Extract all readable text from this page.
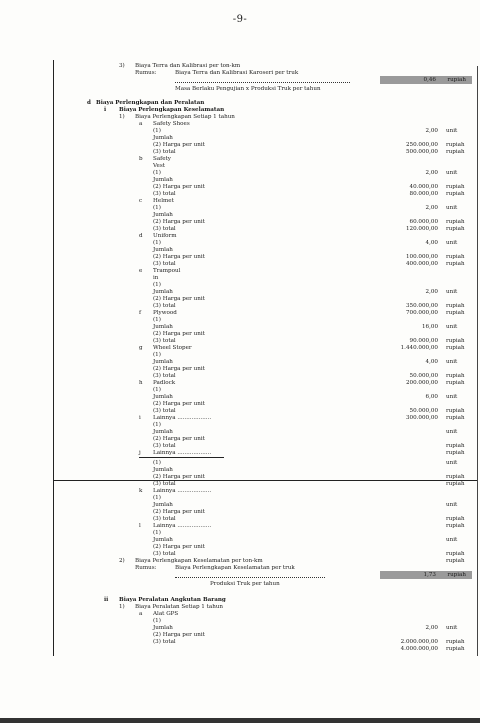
-9-
3) Biaya Terra dan Kalibrasi per ton-km
Rumus:	Biaya Terra dan Kalibrasi Karoseri per truk
Masa Berlaku Pengujian x Produksi Truk per tahun
d Biaya Perlengkapan dan Peralatan
i Biaya Perlengkapan Keselamatan
1) Biaya Perlengkapan Setiap 1 tahun
a Safety Shoes
(1)
Jumlah
(2) Harga per unit
(3) total
b Safety
Vest
(1)
Jumlah
(2) Harga per unit
(3) total
c Helmet
(1)
Jumlah
(2) Harga per unit
(3) total
d Uniform
(1)
Jumlah
(2) Harga per unit
(3) total
e Trampoul
in
(1)
Jumlah
(2) Harga per unit
(3) total
f Plywood
(1)
Jumlah
(2) Harga per unit
(3) total
g Wheel Stoper
(1)
Jumlah
(2) Harga per unit
(3) total
h Padlock
(1)
Jumlah
(2) Harga per unit
(3) total
i Lainnya ...................
(1)
Jumlah
(2) Harga per unit
(3) total
j Lainnya ...................
(1)
Jumlah
(2) Harga per unit
(3) total
k Lainnya ...................
(1)
Jumlah
(2) Harga per unit
(3) total
l Lainnya ...................
(1)
Jumlah
(2) Harga per unit
(3) total
2) Biaya Perlengkapan Keselamatan per ton-km
Rumus:	Biaya Perlengkapan Keselamatan per truk
Produksi Truk per tahun
ii Biaya Peralatan Angkutan Barang
1) Biaya Peralatan Setiap 1 tahun
a Alat GPS
(1)
Jumlah
(2) Harga per unit
(3) total
2,00 unit
250.000,00 rupiah
500.000,00 rupiah
2,00 unit
40.000,00 rupiah
80.000,00 rupiah
2,00 unit
60.000,00 rupiah
120.000,00 rupiah
4,00 unit
100.000,00 rupiah
400.000,00 rupiah
2,00 unit
350.000,00 rupiah
700.000,00 rupiah
16,00 unit
90.000,00 rupiah
1.440.000,00 rupiah
4,00 unit
50.000,00 rupiah
200.000,00 rupiah
6,00 unit
50.000,00 rupiah
300.000,00 rupiah
unit
rupiah
rupiah
unit
rupiah
rupiah
unit
rupiah
rupiah
unit
rupiah
rupiah
2,00 unit
2.000.000,00 rupiah
4.000.000,00 rupiah
0,46 rupiah
1,73 rupiah
